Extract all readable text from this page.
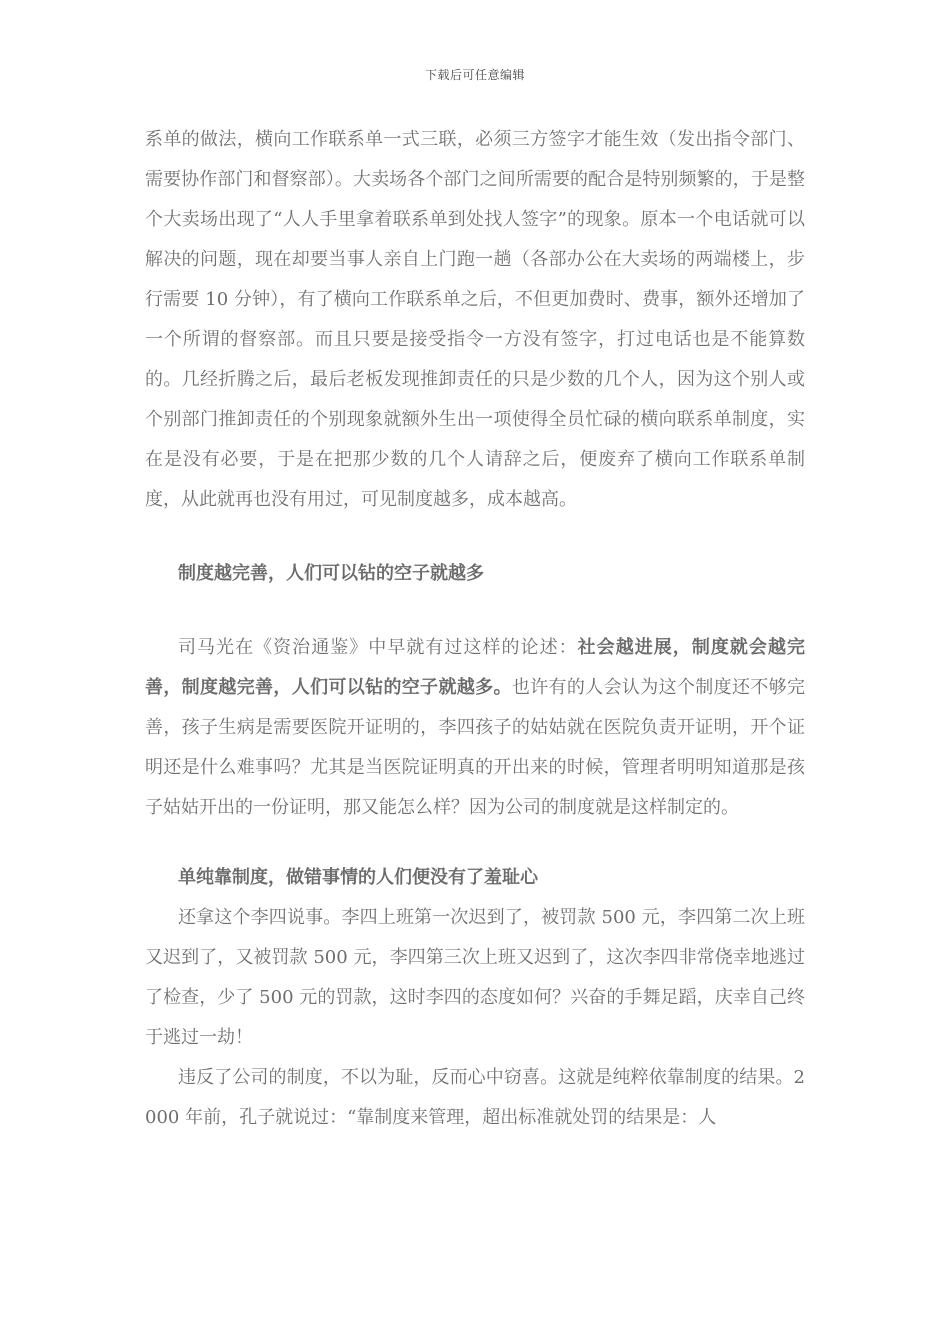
下载后可任意编辑

系单的做法，横向工作联系单一式三联，必须三方签字才能生效（发出指令部门、需要协作部门和督察部）。大卖场各个部门之间所需要的配合是特别频繁的，于是整个大卖场出现了“人人手里拿着联系单到处找人签字”的现象。原本一个电话就可以解决的问题，现在却要当事人亲自上门跑一趟（各部办公在大卖场的两端楼上，步行需要 10 分钟），有了横向工作联系单之后，不但更加费时、费事，额外还增加了一个所谓的督察部。而且只要是接受指令一方没有签字，打过电话也是不能算数的。几经折腾之后，最后老板发现推卸责任的只是少数的几个人，因为这个别人或个别部门推卸责任的个别现象就额外生出一项使得全员忙碌的横向联系单制度，实在是没有必要，于是在把那少数的几个人请辞之后，便废弃了横向工作联系单制度，从此就再也没有用过，可见制度越多，成本越高。

制度越完善，人们可以钻的空子就越多

司马光在《资治通鉴》中早就有过这样的论述：社会越进展，制度就会越完善，制度越完善，人们可以钻的空子就越多。也许有的人会认为这个制度还不够完善，孩子生病是需要医院开证明的，李四孩子的姑姑就在医院负责开证明，开个证明还是什么难事吗？尤其是当医院证明真的开出来的时候，管理者明明知道那是孩子姑姑开出的一份证明，那又能怎么样？因为公司的制度就是这样制定的。

单纯靠制度，做错事情的人们便没有了羞耻心

还拿这个李四说事。李四上班第一次迟到了，被罚款 500 元，李四第二次上班又迟到了，又被罚款 500 元，李四第三次上班又迟到了，这次李四非常侥幸地逃过了检查，少了 500 元的罚款，这时李四的态度如何？兴奋的手舞足蹈，庆幸自己终于逃过一劫！

违反了公司的制度，不以为耻，反而心中窃喜。这就是纯粹依靠制度的结果。2000 年前，孔子就说过：“靠制度来管理，超出标准就处罚的结果是：人
